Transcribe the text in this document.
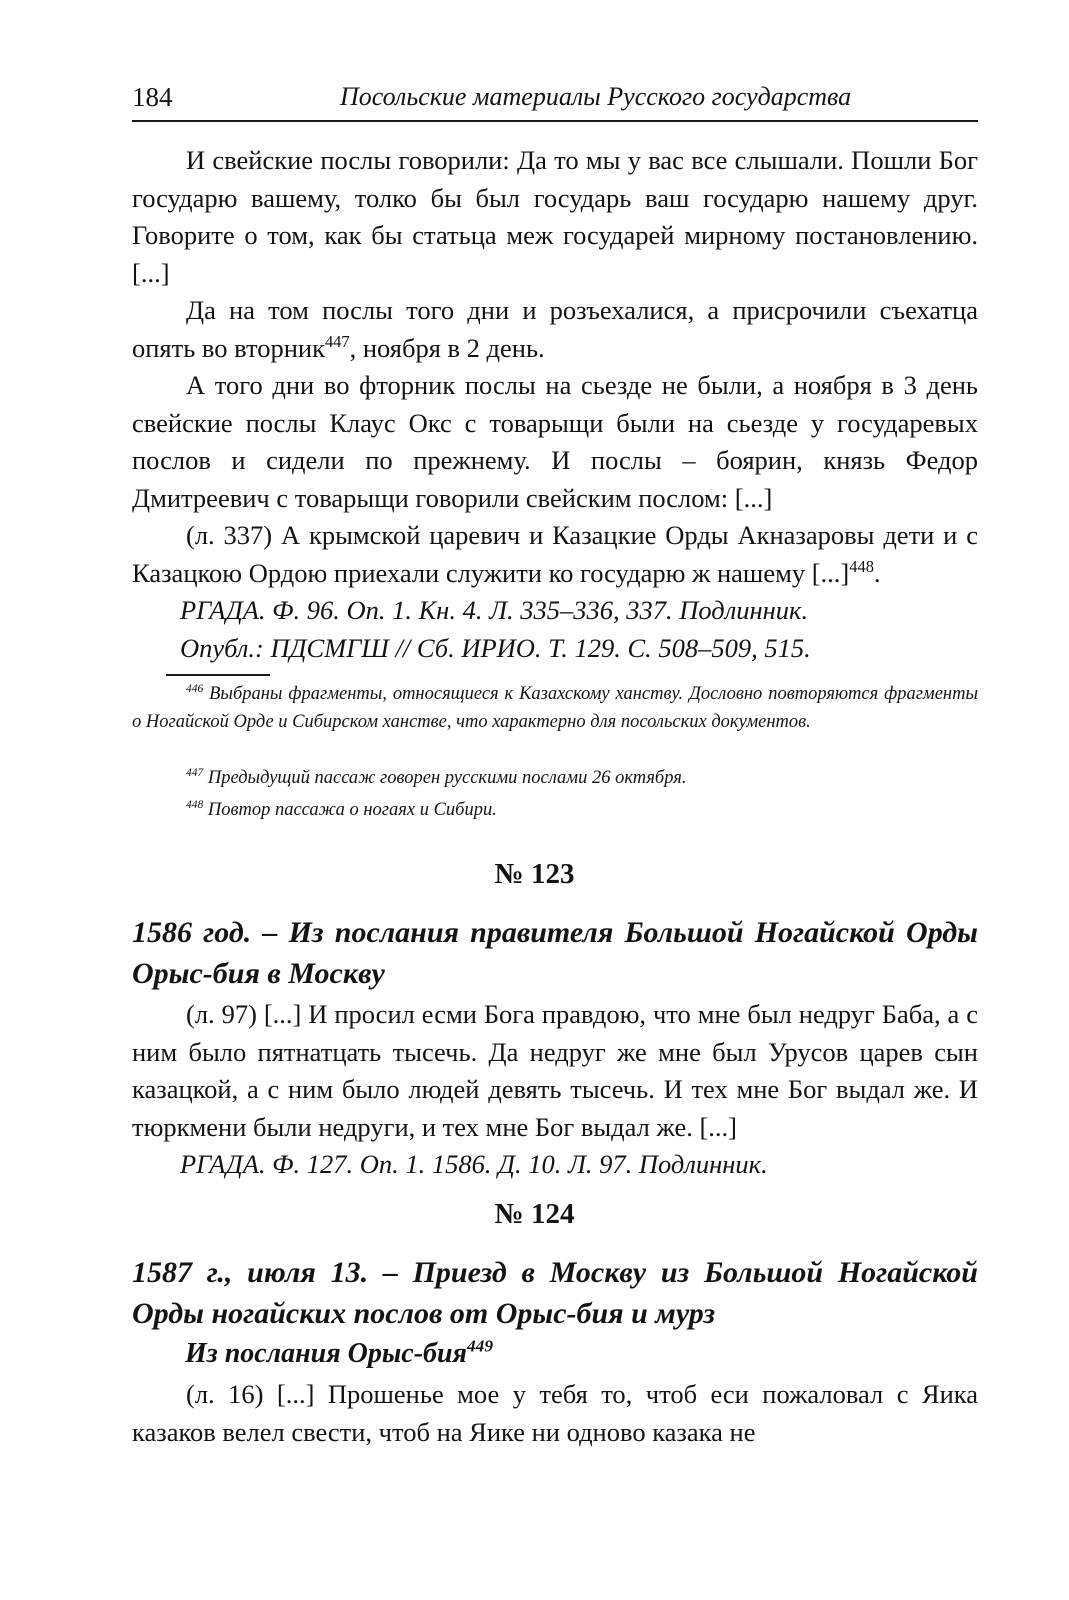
184	Посольские материалы Русского государства

И свейские послы говорили: Да то мы у вас все слышали. Пошли Бог государю вашему, толко бы был государь ваш государю нашему друг. Говорите о том, как бы статьца меж государей мирному постановлению. [...]

Да на том послы того дни и розъехалися, а присрочили съехатца опять во вторник$^{447}$, ноября в 2 день.

А того дни во фторник послы на сьезде не были, а ноября в 3 день свейские послы Клаус Окс с товарыщи были на сьезде у государевых послов и сидели по прежнему. И послы – боярин, князь Федор Дмитреевич с товарыщи говорили свейским послом: [...]

(л. 337) А крымской царевич и Казацкие Орды Акназаровы дети и с Казацкою Ордою приехали служити ко государю ж нашему [...]$^{448}$.

РГАДА. Ф. 96. Оп. 1. Кн. 4. Л. 335–336, 337. Подлинник.

Опубл.: ПДСМГШ // Сб. ИРИО. Т. 129. С. 508–509, 515.

$^{446}$ Выбраны фрагменты, относящиеся к Казахскому ханству. Дословно повторяются фрагменты о Ногайской Орде и Сибирском ханстве, что характерно для посольских документов.

$^{447}$ Предыдущий пассаж говорен русскими послами 26 октября.

$^{448}$ Повтор пассажа о ногаях и Сибири.

№ 123

1586 год. – Из послания правителя Большой Ногайской Орды Орыс-бия в Москву

(л. 97) [...] И просил есми Бога правдою, что мне был недруг Баба, а с ним было пятнатцать тысечь. Да недруг же мне был Урусов царев сын казацкой, а с ним было людей девять тысечь. И тех мне Бог выдал же. И тюркмени были недруги, и тех мне Бог выдал же. [...]

РГАДА. Ф. 127. Оп. 1. 1586. Д. 10. Л. 97. Подлинник.

№ 124

1587 г., июля 13. – Приезд в Москву из Большой Ногайской Орды ногайских послов от Орыс-бия и мурз

Из послания Орыс-бия$^{449}$

(л. 16) [...] Прошенье мое у тебя то, чтоб еси пожаловал с Яика казаков велел свести, чтоб на Яике ни одново казака не
